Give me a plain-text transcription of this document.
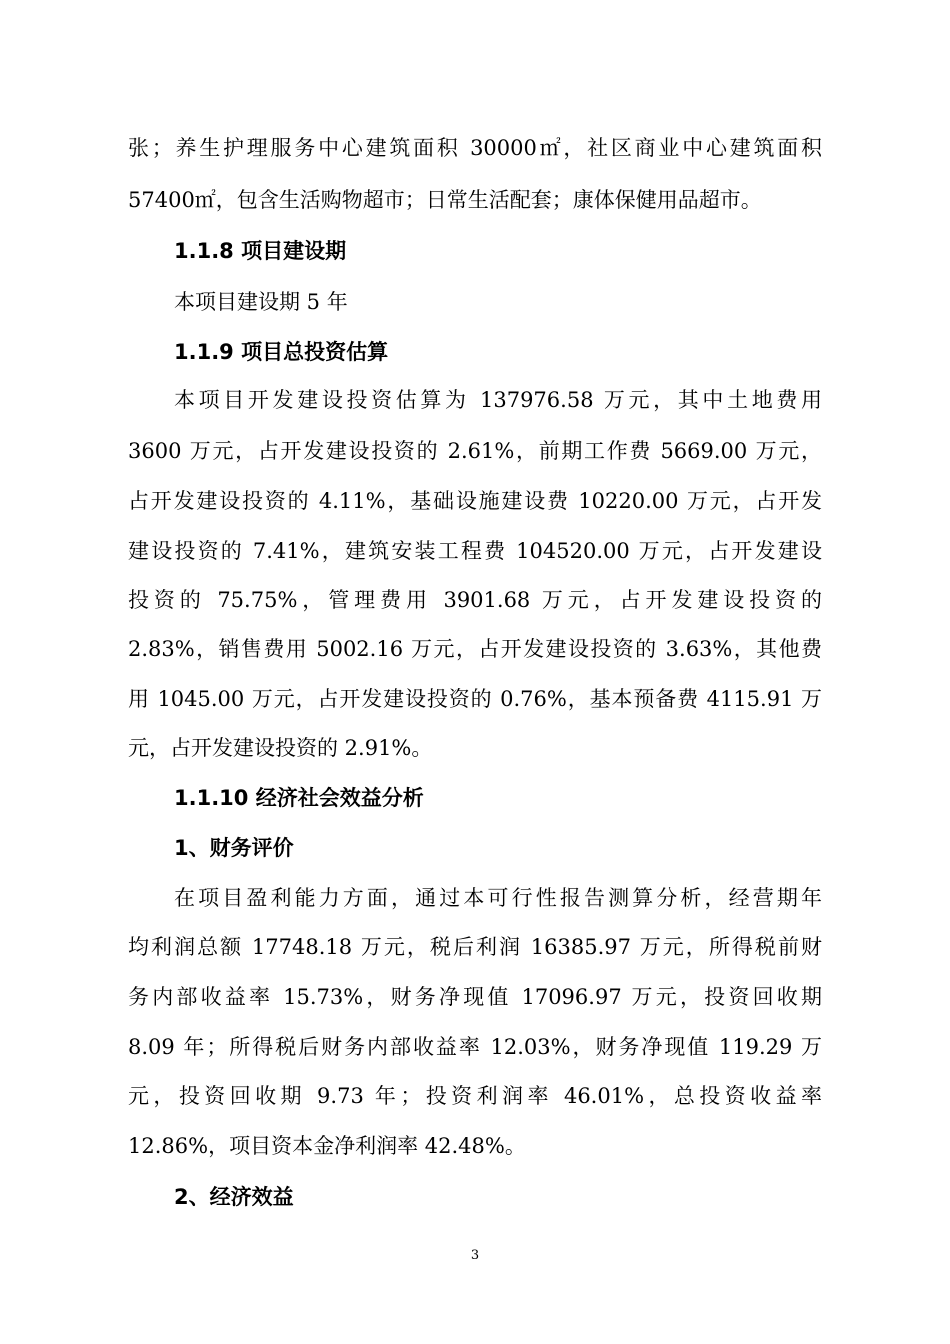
张；养生护理服务中心建筑面积 30000㎡，社区商业中心建筑面积
57400㎡，包含生活购物超市；日常生活配套；康体保健用品超市。
1.1.8 项目建设期
本项目建设期 5 年
1.1.9 项目总投资估算
本项目开发建设投资估算为 137976.58 万元，其中土地费用
3600 万元，占开发建设投资的 2.61%，前期工作费 5669.00 万元，
占开发建设投资的 4.11%，基础设施建设费 10220.00 万元，占开发
建设投资的 7.41%，建筑安装工程费 104520.00 万元，占开发建设
投资的 75.75%，管理费用 3901.68 万元，占开发建设投资的
2.83%，销售费用 5002.16 万元，占开发建设投资的 3.63%，其他费
用 1045.00 万元，占开发建设投资的 0.76%，基本预备费 4115.91 万
元，占开发建设投资的 2.91%。
1.1.10 经济社会效益分析
1、财务评价
在项目盈利能力方面，通过本可行性报告测算分析，经营期年
均利润总额 17748.18 万元，税后利润 16385.97 万元，所得税前财
务内部收益率 15.73%，财务净现值 17096.97 万元，投资回收期
8.09 年；所得税后财务内部收益率 12.03%，财务净现值 119.29 万
元，投资回收期 9.73 年；投资利润率 46.01%，总投资收益率
12.86%，项目资本金净利润率 42.48%。
2、经济效益
3
